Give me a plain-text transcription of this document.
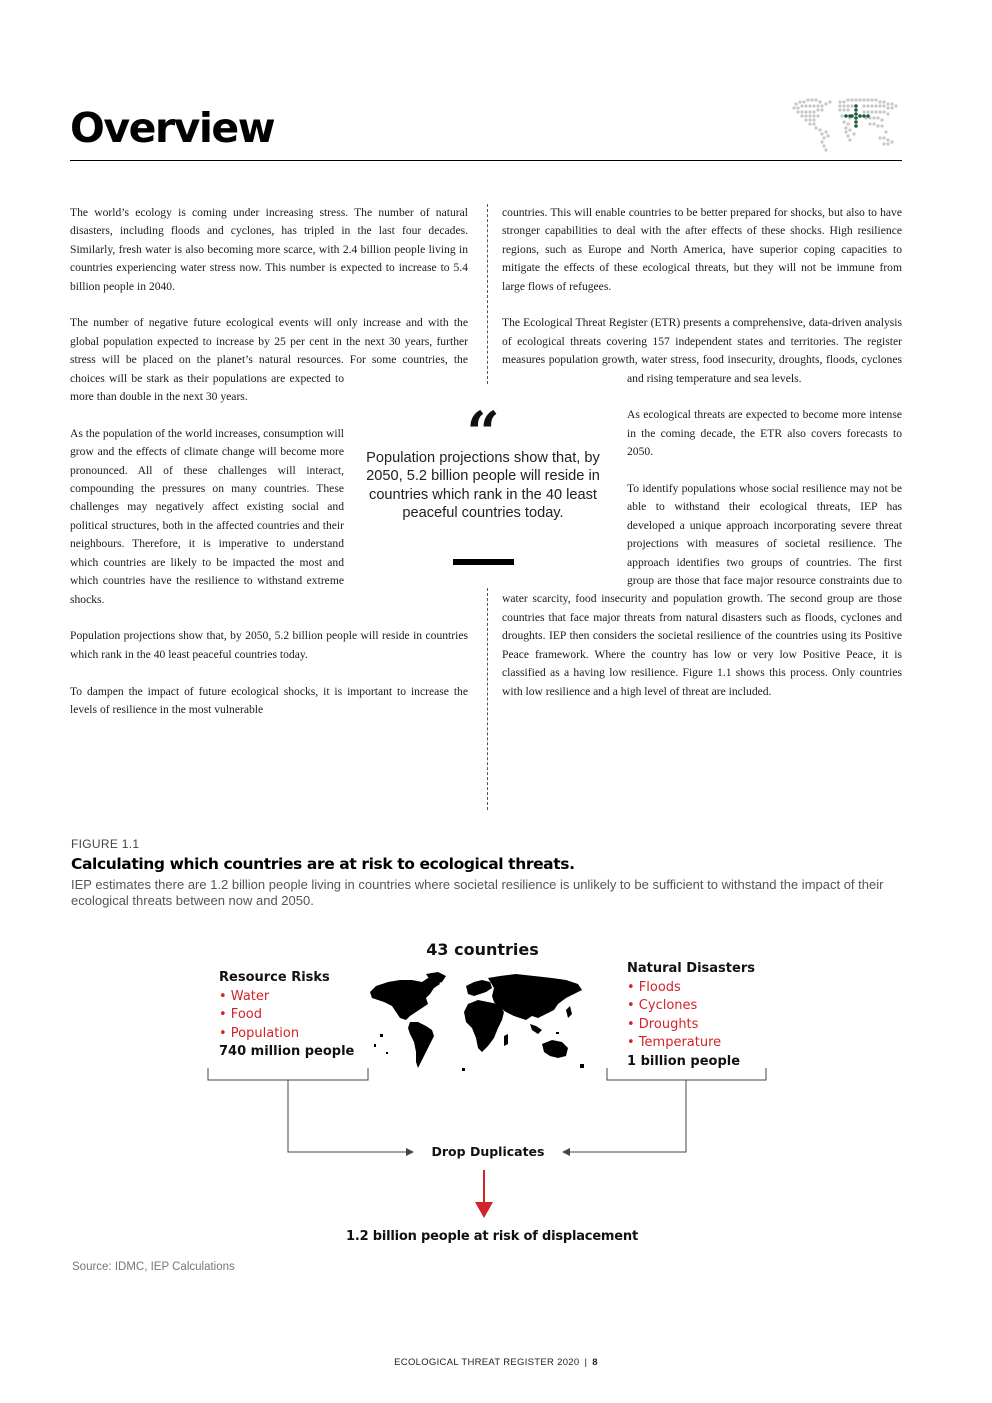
Overview

The world’s ecology is coming under increasing stress. The number of natural disasters, including floods and cyclones, has tripled in the last four decades. Similarly, fresh water is also becoming more scarce, with 2.4 billion people living in countries experiencing water stress now. This number is expected to increase to 5.4 billion people in 2040.

The number of negative future ecological events will only increase and with the global population expected to increase by 25 per cent in the next 30 years, further stress will be placed on the planet’s natural resources. For some countries, the choices will be stark as their populations are expected to more than double in the next 30 years.

As the population of the world increases, consumption will grow and the effects of climate change will become more pronounced. All of these challenges will interact, compounding the pressures on many countries. These challenges may negatively affect existing social and political structures, both in the affected countries and their neighbours. Therefore, it is imperative to understand which countries are likely to be impacted the most and which countries have the resilience to withstand extreme shocks.

Population projections show that, by 2050, 5.2 billion people will reside in countries which rank in the 40 least peaceful countries today.

To dampen the impact of future ecological shocks, it is important to increase the levels of resilience in the most vulnerable

countries. This will enable countries to be better prepared for shocks, but also to have stronger capabilities to deal with the after effects of these shocks. High resilience regions, such as Europe and North America, have superior coping capacities to mitigate the effects of these ecological threats, but they will not be immune from large flows of refugees.

The Ecological Threat Register (ETR) presents a comprehensive, data-driven analysis of ecological threats covering 157 independent states and territories. The register measures population growth, water stress, food insecurity, droughts, floods, cyclones and rising temperature and sea levels.

As ecological threats are expected to become more intense in the coming decade, the ETR also covers forecasts to 2050.

To identify populations whose social resilience may not be able to withstand their ecological threats, IEP has developed a unique approach incorporating severe threat projections with measures of societal resilience. The approach identifies two groups of countries. The first group are those that face major resource constraints due to water scarcity, food insecurity and population growth. The second group are those countries that face major threats from natural disasters such as floods, cyclones and droughts. IEP then considers the societal resilience of the countries using its Positive Peace framework. Where the country has low or very low Positive Peace, it is classified as a having low resilience. Figure 1.1 shows this process. Only countries with low resilience and a high level of threat are included.

“
Population projections show that, by 2050, 5.2 billion people will reside in countries which rank in the 40 least peaceful countries today.
FIGURE 1.1
Calculating which countries are at risk to ecological threats.
IEP estimates there are 1.2 billion people living in countries where societal resilience is unlikely to be sufficient to withstand the impact of their ecological threats between now and 2050.
43 countries
Resource Risks
• Water
• Food
• Population
740 million people
Natural Disasters
• Floods
• Cyclones
• Droughts
• Temperature
1 billion people
Drop Duplicates
1.2 billion people at risk of displacement
Source: IDMC, IEP Calculations
ECOLOGICAL THREAT REGISTER 2020 | 8
